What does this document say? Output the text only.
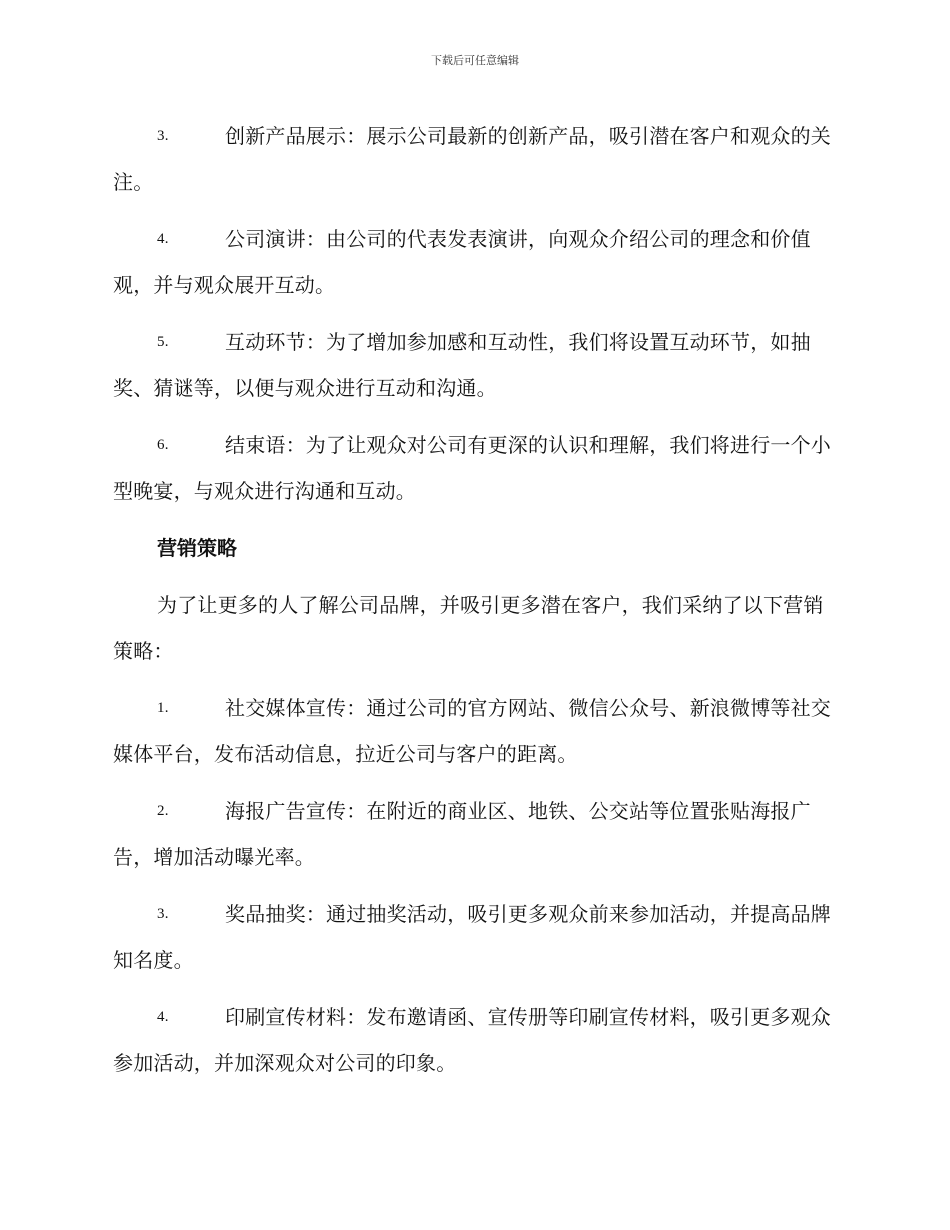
下载后可任意编辑
3.	创新产品展示：展示公司最新的创新产品，吸引潜在客户和观众的关注。
4.	公司演讲：由公司的代表发表演讲，向观众介绍公司的理念和价值观，并与观众展开互动。
5.	互动环节：为了增加参加感和互动性，我们将设置互动环节，如抽奖、猜谜等，以便与观众进行互动和沟通。
6.	结束语：为了让观众对公司有更深的认识和理解，我们将进行一个小型晚宴，与观众进行沟通和互动。
营销策略
为了让更多的人了解公司品牌，并吸引更多潜在客户，我们采纳了以下营销策略：
1.	社交媒体宣传：通过公司的官方网站、微信公众号、新浪微博等社交媒体平台，发布活动信息，拉近公司与客户的距离。
2.	海报广告宣传：在附近的商业区、地铁、公交站等位置张贴海报广告，增加活动曝光率。
3.	奖品抽奖：通过抽奖活动，吸引更多观众前来参加活动，并提高品牌知名度。
4.	印刷宣传材料：发布邀请函、宣传册等印刷宣传材料，吸引更多观众参加活动，并加深观众对公司的印象。
